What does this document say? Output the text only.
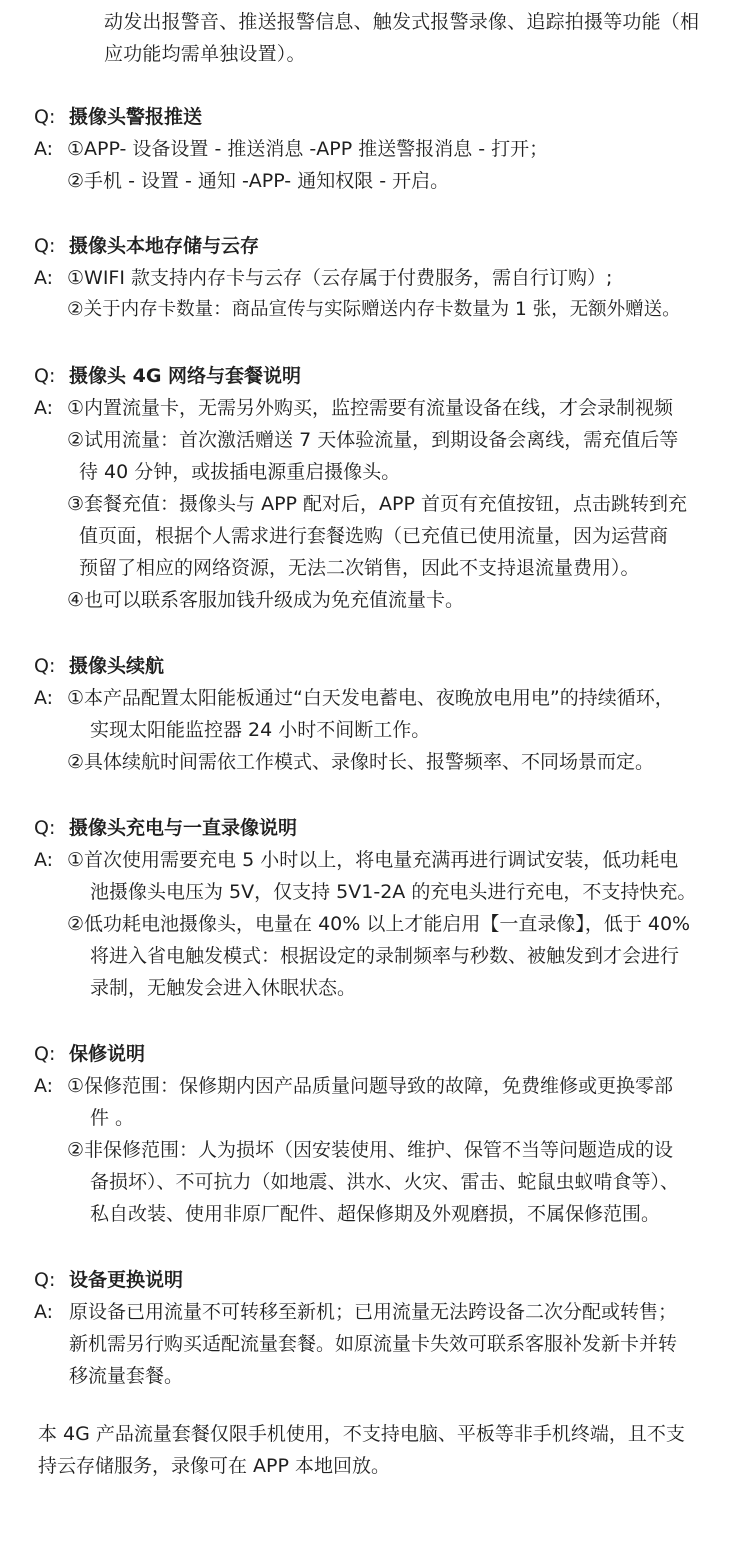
动发出报警音、推送报警信息、触发式报警录像、追踪拍摄等功能（相
应功能均需单独设置）。
Q: 摄像头警报推送
A: ①APP- 设备设置 - 推送消息 -APP 推送警报消息 - 打开；
②手机 - 设置 - 通知 -APP- 通知权限 - 开启。
Q: 摄像头本地存储与云存
A: ①WIFI 款支持内存卡与云存（云存属于付费服务，需自行订购）;
②关于内存卡数量：商品宣传与实际赠送内存卡数量为 1 张，无额外赠送。
Q: 摄像头 4G 网络与套餐说明
A: ①内置流量卡，无需另外购买，监控需要有流量设备在线，才会录制视频
②试用流量：首次激活赠送 7 天体验流量，到期设备会离线，需充值后等
待 40 分钟，或拔插电源重启摄像头。
③套餐充值：摄像头与 APP 配对后，APP 首页有充值按钮，点击跳转到充
值页面，根据个人需求进行套餐选购（已充值已使用流量，因为运营商
预留了相应的网络资源，无法二次销售，因此不支持退流量费用）。
④也可以联系客服加钱升级成为免充值流量卡。
Q: 摄像头续航
A: ①本产品配置太阳能板通过“白天发电蓄电、夜晚放电用电”的持续循环，
实现太阳能监控器 24 小时不间断工作。
②具体续航时间需依工作模式、录像时长、报警频率、不同场景而定。
Q: 摄像头充电与一直录像说明
A: ①首次使用需要充电 5 小时以上，将电量充满再进行调试安装，低功耗电
池摄像头电压为 5V，仅支持 5V1-2A 的充电头进行充电，不支持快充。
②低功耗电池摄像头，电量在 40% 以上才能启用【一直录像】，低于 40%
将进入省电触发模式：根据设定的录制频率与秒数、被触发到才会进行
录制，无触发会进入休眠状态。
Q: 保修说明
A: ①保修范围：保修期内因产品质量问题导致的故障，免费维修或更换零部
件 。
②非保修范围：人为损坏（因安装使用、维护、保管不当等问题造成的设
备损坏）、不可抗力（如地震、洪水、火灾、雷击、蛇鼠虫蚁啃食等）、
私自改装、使用非原厂配件、超保修期及外观磨损，不属保修范围。
Q: 设备更换说明
A: 原设备已用流量不可转移至新机；已用流量无法跨设备二次分配或转售；
新机需另行购买适配流量套餐。如原流量卡失效可联系客服补发新卡并转
移流量套餐。
本 4G 产品流量套餐仅限手机使用，不支持电脑、平板等非手机终端，且不支
持云存储服务，录像可在 APP 本地回放。
